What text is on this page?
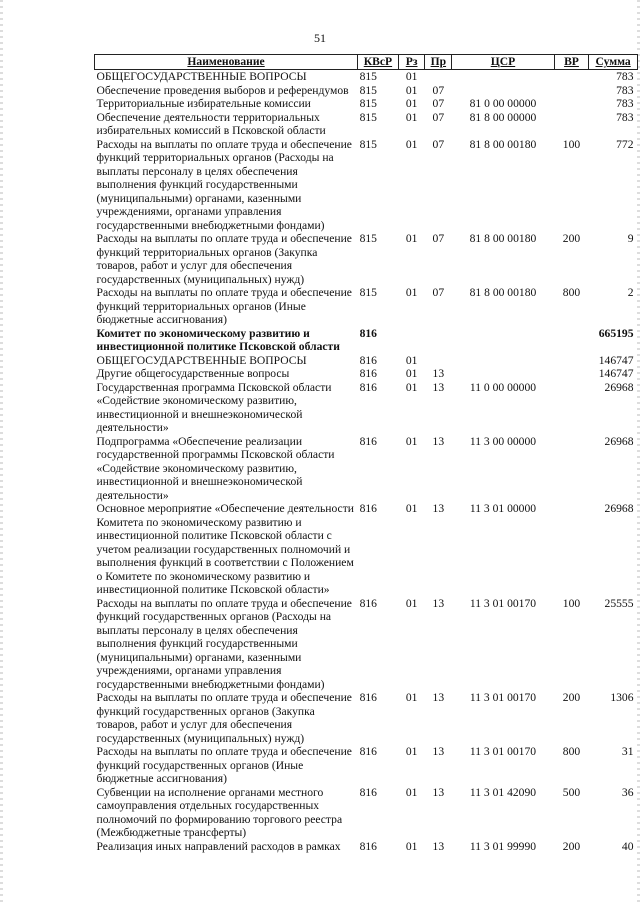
51
Наименование	КВсР	Рз	Пр	ЦСР	ВР	Сумма
ОБЩЕГОСУДАРСТВЕННЫЕ ВОПРОСЫ	815	01				783
Обеспечение проведения выборов и референдумов	815	01	07			783
Территориальные избирательные комиссии	815	01	07	81 0 00 00000		783
Обеспечение деятельности территориальных избирательных комиссий в Псковской области	815	01	07	81 8 00 00000		783
Расходы на выплаты по оплате труда и обеспечение функций территориальных органов (Расходы на выплаты персоналу в целях обеспечения выполнения функций государственными (муниципальными) органами, казенными учреждениями, органами управления государственными внебюджетными фондами)	815	01	07	81 8 00 00180	100	772
Расходы на выплаты по оплате труда и обеспечение функций территориальных органов (Закупка товаров, работ и услуг для обеспечения государственных (муниципальных) нужд)	815	01	07	81 8 00 00180	200	9
Расходы на выплаты по оплате труда и обеспечение функций территориальных органов (Иные бюджетные ассигнования)	815	01	07	81 8 00 00180	800	2
Комитет по экономическому развитию и инвестиционной политике Псковской области	816					665195
ОБЩЕГОСУДАРСТВЕННЫЕ ВОПРОСЫ	816	01				146747
Другие общегосударственные вопросы	816	01	13			146747
Государственная программа Псковской области «Содействие экономическому развитию, инвестиционной и внешнеэкономической деятельности»	816	01	13	11 0 00 00000		26968
Подпрограмма «Обеспечение реализации государственной программы Псковской области «Содействие экономическому развитию, инвестиционной и внешнеэкономической деятельности»	816	01	13	11 3 00 00000		26968
Основное мероприятие «Обеспечение деятельности Комитета по экономическому развитию и инвестиционной политике Псковской области с учетом реализации государственных полномочий и выполнения функций в соответствии с Положением о Комитете по экономическому развитию и инвестиционной политике Псковской области»	816	01	13	11 3 01 00000		26968
Расходы на выплаты по оплате труда и обеспечение функций государственных органов (Расходы на выплаты персоналу в целях обеспечения выполнения функций государственными (муниципальными) органами, казенными учреждениями, органами управления государственными внебюджетными фондами)	816	01	13	11 3 01 00170	100	25555
Расходы на выплаты по оплате труда и обеспечение функций государственных органов (Закупка товаров, работ и услуг для обеспечения государственных (муниципальных) нужд)	816	01	13	11 3 01 00170	200	1306
Расходы на выплаты по оплате труда и обеспечение функций государственных органов (Иные бюджетные ассигнования)	816	01	13	11 3 01 00170	800	31
Субвенции на исполнение органами местного самоуправления отдельных государственных полномочий по формированию торгового реестра (Межбюджетные трансферты)	816	01	13	11 3 01 42090	500	36
Реализация иных направлений расходов в рамках	816	01	13	11 3 01 99990	200	40
